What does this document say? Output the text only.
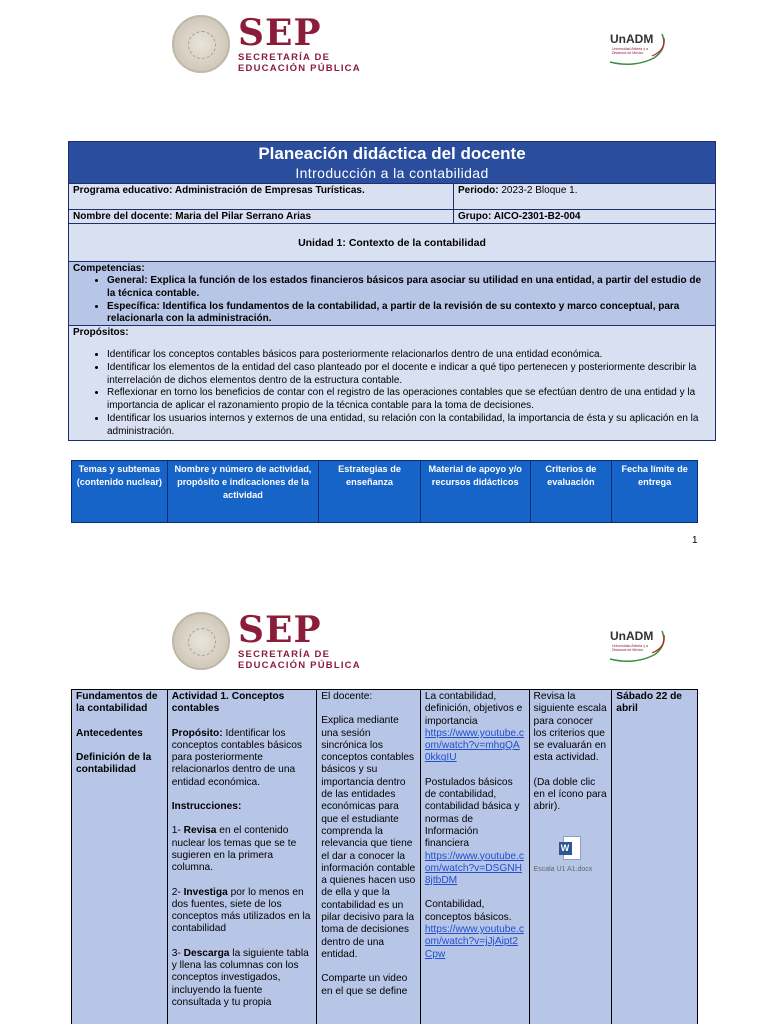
SEP
SECRETARÍA DE
EDUCACIÓN PÚBLICA
UnADM
Universidad Abierta y a Distancia de México
Planeación didáctica del docente
Introducción a la contabilidad
Programa educativo: Administración de Empresas Turísticas.	Periodo: 2023-2 Bloque 1.
Nombre del docente: Maria del Pilar Serrano Arias	Grupo: AICO-2301-B2-004
Unidad 1: Contexto de la contabilidad
Competencias:
• General: Explica la función de los estados financieros básicos para asociar su utilidad en una entidad, a partir del estudio de la técnica contable.
• Específica: Identifica los fundamentos de la contabilidad, a partir de la revisión de su contexto y marco conceptual, para relacionarla con la administración.
Propósitos:
• Identificar los conceptos contables básicos para posteriormente relacionarlos dentro de una entidad económica.
• Identificar los elementos de la entidad del caso planteado por el docente e indicar a qué tipo pertenecen y posteriormente describir la interrelación de dichos elementos dentro de la estructura contable.
• Reflexionar en torno los beneficios de contar con el registro de las operaciones contables que se efectúan dentro de una entidad y la importancia de aplicar el razonamiento propio de la técnica contable para la toma de decisiones.
• Identificar los usuarios internos y externos de una entidad, su relación con la contabilidad, la importancia de ésta y su aplicación en la administración.
Temas y subtemas (contenido nuclear)
Nombre y número de actividad, propósito e indicaciones de la actividad
Estrategias de enseñanza
Material de apoyo y/o recursos didácticos
Criterios de evaluación
Fecha límite de entrega
1
SEP
SECRETARÍA DE
EDUCACIÓN PÚBLICA
UnADM
Universidad Abierta y a Distancia de México
Fundamentos de la contabilidad
Antecedentes
Definición de la contabilidad
Actividad 1. Conceptos contables
Propósito: Identificar los conceptos contables básicos para posteriormente relacionarlos dentro de una entidad económica.
Instrucciones:
1- Revisa en el contenido nuclear los temas que se te sugieren en la primera columna.
2- Investiga por lo menos en dos fuentes, siete de los conceptos más utilizados en la contabilidad
3- Descarga la siguiente tabla y llena las columnas con los conceptos investigados, incluyendo la fuente consultada y tu propia
El docente:
Explica mediante una sesión sincrónica los conceptos contables básicos y su importancia dentro de las entidades económicas para que el estudiante comprenda la relevancia que tiene el dar a conocer la información contable a quienes hacen uso de ella y que la contabilidad es un pilar decisivo para la toma de decisiones dentro de una entidad.
Comparte un video en el que se define
La contabilidad, definición, objetivos e importancia
https://www.youtube.com/watch?v=mhqQA0kkgIU
Postulados básicos de contabilidad, contabilidad básica y normas de Información financiera
https://www.youtube.com/watch?v=DSGNH8jtbDM
Contabilidad, conceptos básicos.
https://www.youtube.com/watch?v=jJjAipt2Cpw
Revisa la siguiente escala para conocer los criterios que se evaluarán en esta actividad.
(Da doble clic en el ícono para abrir).
W
Escala U1 A1.docx
Sábado 22 de abril
